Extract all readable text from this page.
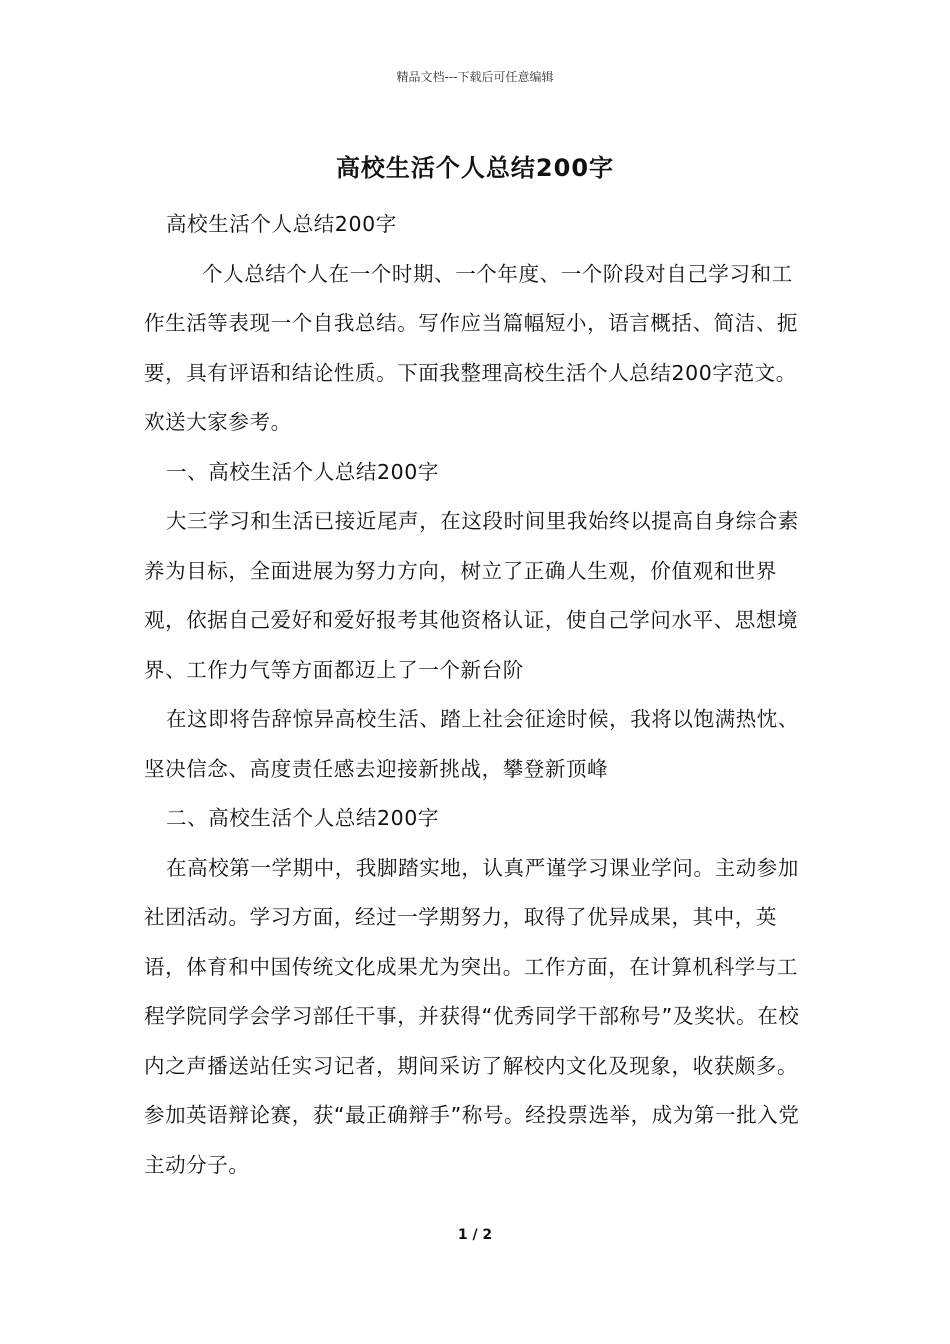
精品文档---下载后可任意编辑
高校生活个人总结200字

高校生活个人总结200字

个人总结个人在一个时期、一个年度、一个阶段对自己学习和工作生活等表现一个自我总结。写作应当篇幅短小，语言概括、简洁、扼要，具有评语和结论性质。下面我整理高校生活个人总结200字范文。欢送大家参考。

一、高校生活个人总结200字

大三学习和生活已接近尾声，在这段时间里我始终以提高自身综合素养为目标，全面进展为努力方向，树立了正确人生观，价值观和世界观，依据自己爱好和爱好报考其他资格认证，使自己学问水平、思想境界、工作力气等方面都迈上了一个新台阶

在这即将告辞惊异高校生活、踏上社会征途时候，我将以饱满热忱、坚决信念、高度责任感去迎接新挑战，攀登新顶峰

二、高校生活个人总结200字

在高校第一学期中，我脚踏实地，认真严谨学习课业学问。主动参加社团活动。学习方面，经过一学期努力，取得了优异成果，其中，英语，体育和中国传统文化成果尤为突出。工作方面，在计算机科学与工程学院同学会学习部任干事，并获得“优秀同学干部称号”及奖状。在校内之声播送站任实习记者，期间采访了解校内文化及现象，收获颇多。参加英语辩论赛，获“最正确辩手”称号。经投票选举，成为第一批入党主动分子。

1 / 2
